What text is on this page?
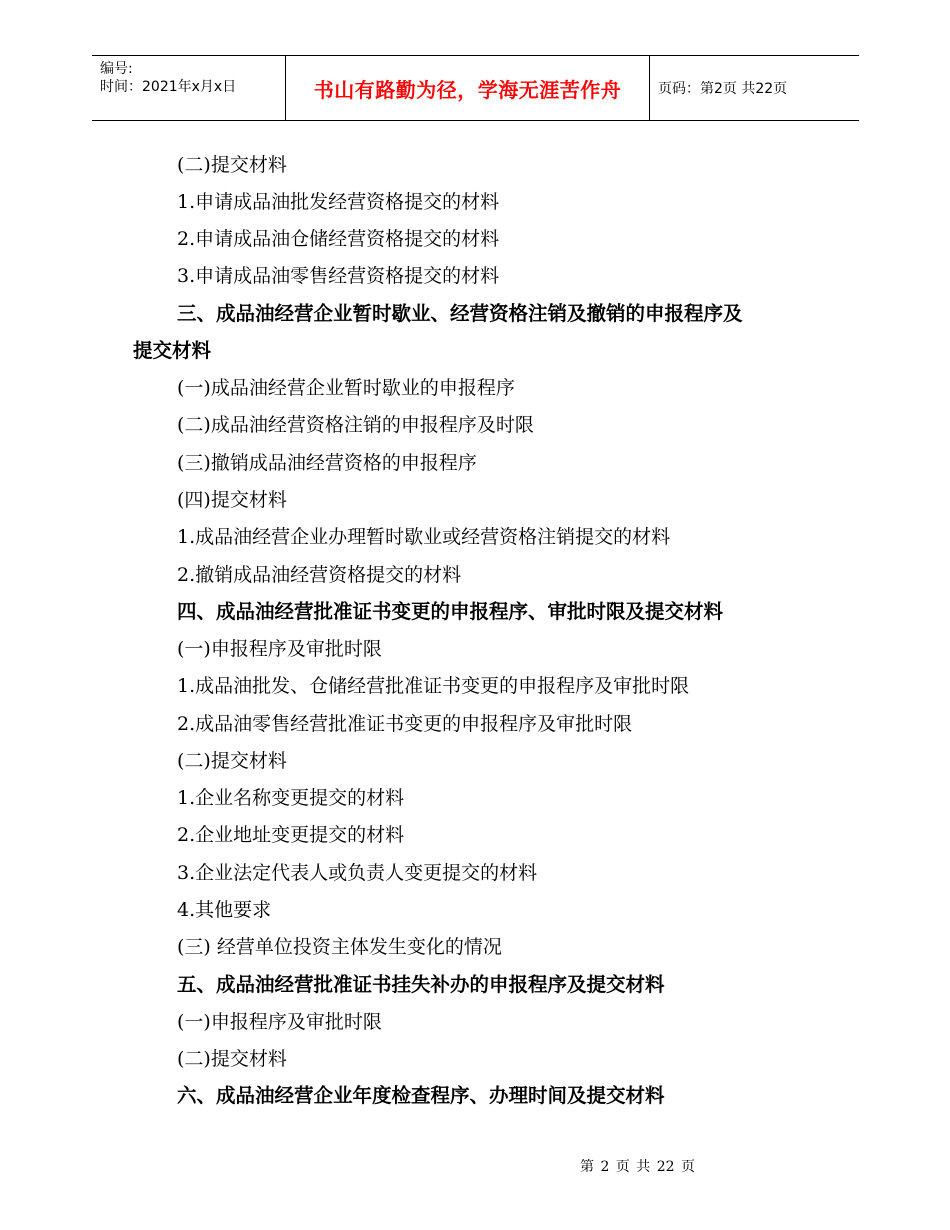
编号:
时间：2021年x月x日	书山有路勤为径，学海无涯苦作舟	页码：第2页 共22页
(二)提交材料
1.申请成品油批发经营资格提交的材料
2.申请成品油仓储经营资格提交的材料
3.申请成品油零售经营资格提交的材料
三、成品油经营企业暂时歇业、经营资格注销及撤销的申报程序及
提交材料
(一)成品油经营企业暂时歇业的申报程序
(二)成品油经营资格注销的申报程序及时限
(三)撤销成品油经营资格的申报程序
(四)提交材料
1.成品油经营企业办理暂时歇业或经营资格注销提交的材料
2.撤销成品油经营资格提交的材料
四、成品油经营批准证书变更的申报程序、审批时限及提交材料
(一)申报程序及审批时限
1.成品油批发、仓储经营批准证书变更的申报程序及审批时限
2.成品油零售经营批准证书变更的申报程序及审批时限
(二)提交材料
1.企业名称变更提交的材料
2.企业地址变更提交的材料
3.企业法定代表人或负责人变更提交的材料
4.其他要求
(三) 经营单位投资主体发生变化的情况
五、成品油经营批准证书挂失补办的申报程序及提交材料
(一)申报程序及审批时限
(二)提交材料
六、成品油经营企业年度检查程序、办理时间及提交材料
第 2 页 共 22 页
